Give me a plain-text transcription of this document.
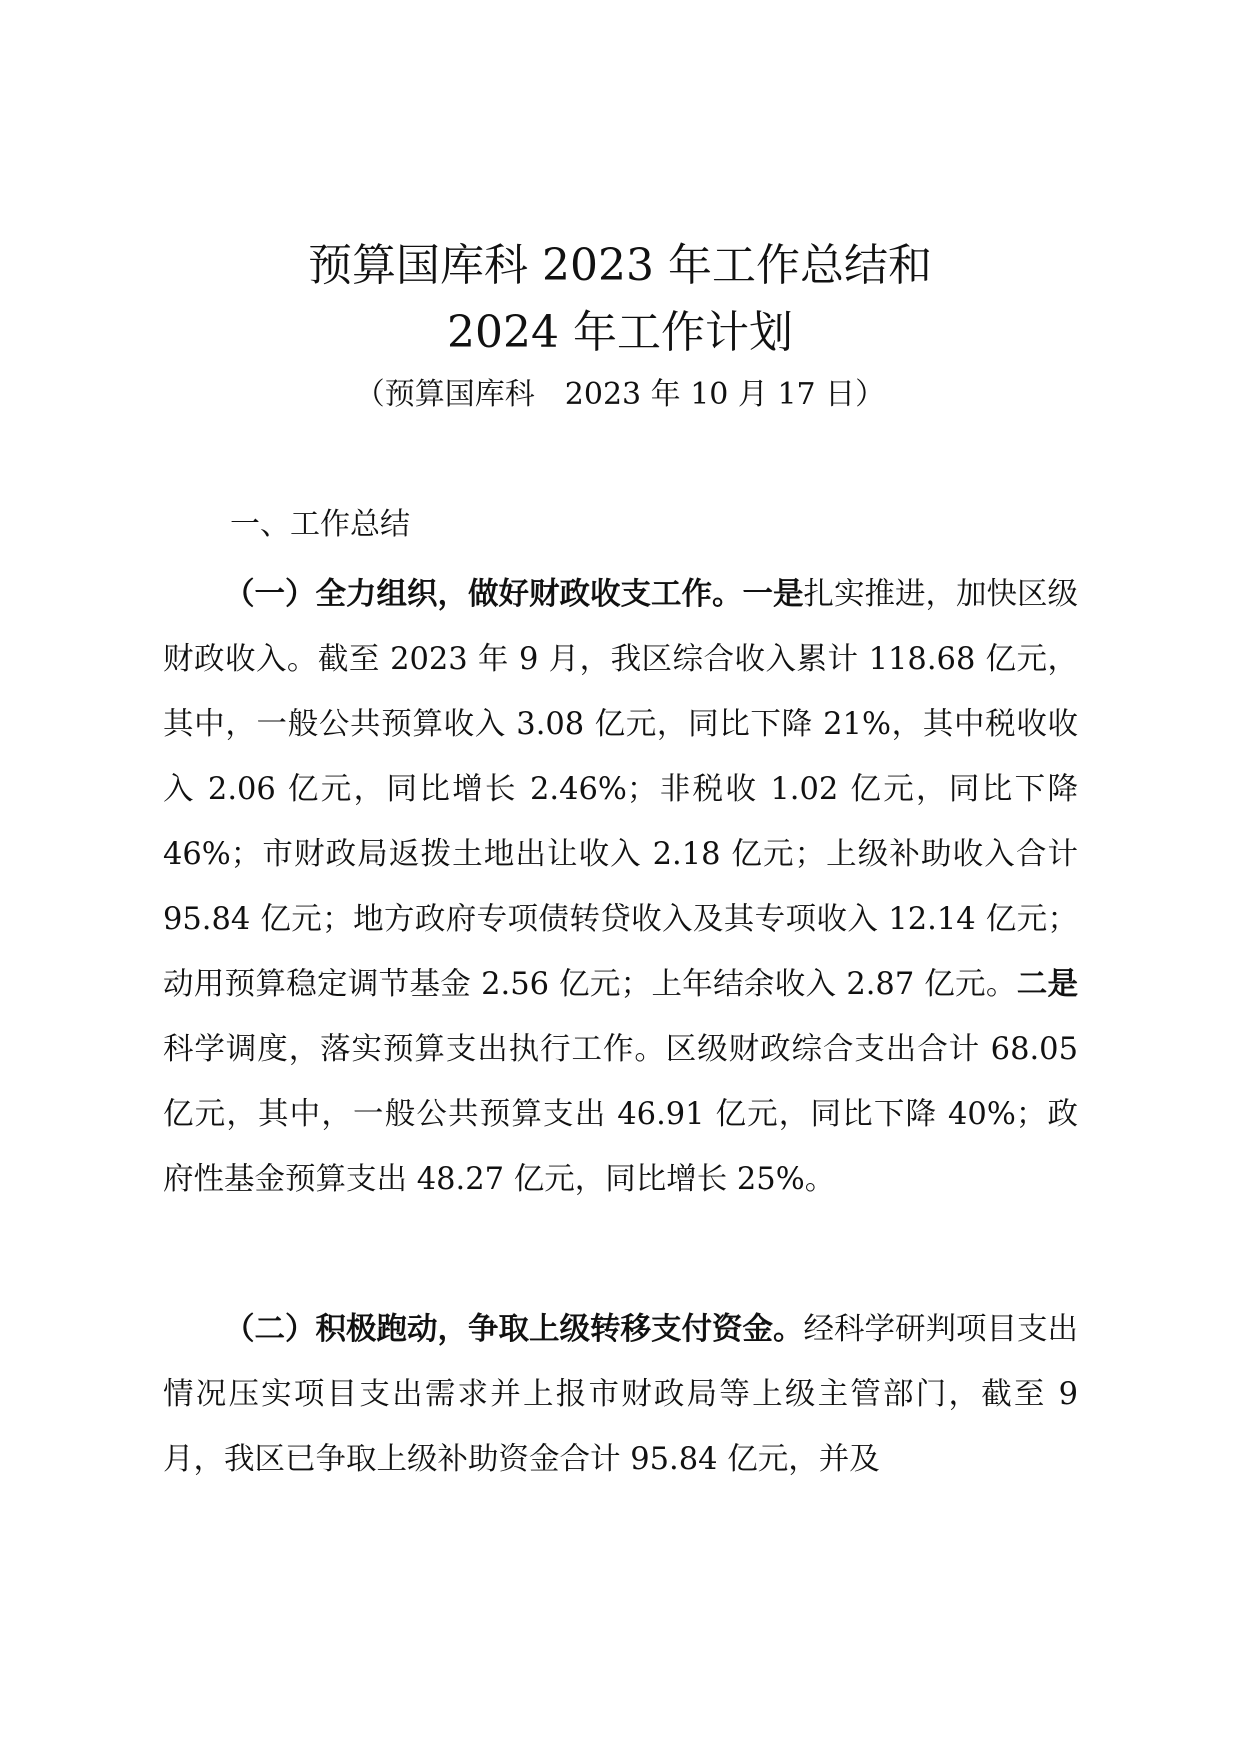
预算国库科 2023 年工作总结和
2024 年工作计划
（预算国库科　2023 年 10 月 17 日）
一、工作总结

（一）全力组织，做好财政收支工作。一是扎实推进，加快区级财政收入。截至 2023 年 9 月，我区综合收入累计 118.68 亿元，其中，一般公共预算收入 3.08 亿元，同比下降 21%，其中税收收入 2.06 亿元，同比增长 2.46%；非税收 1.02 亿元，同比下降 46%；市财政局返拨土地出让收入 2.18 亿元；上级补助收入合计 95.84 亿元；地方政府专项债转贷收入及其专项收入 12.14 亿元；动用预算稳定调节基金 2.56 亿元；上年结余收入 2.87 亿元。二是科学调度，落实预算支出执行工作。区级财政综合支出合计 68.05 亿元，其中，一般公共预算支出 46.91 亿元，同比下降 40%；政府性基金预算支出 48.27 亿元，同比增长 25%。

（二）积极跑动，争取上级转移支付资金。经科学研判项目支出情况压实项目支出需求并上报市财政局等上级主管部门，截至 9 月，我区已争取上级补助资金合计 95.84 亿元，并及
